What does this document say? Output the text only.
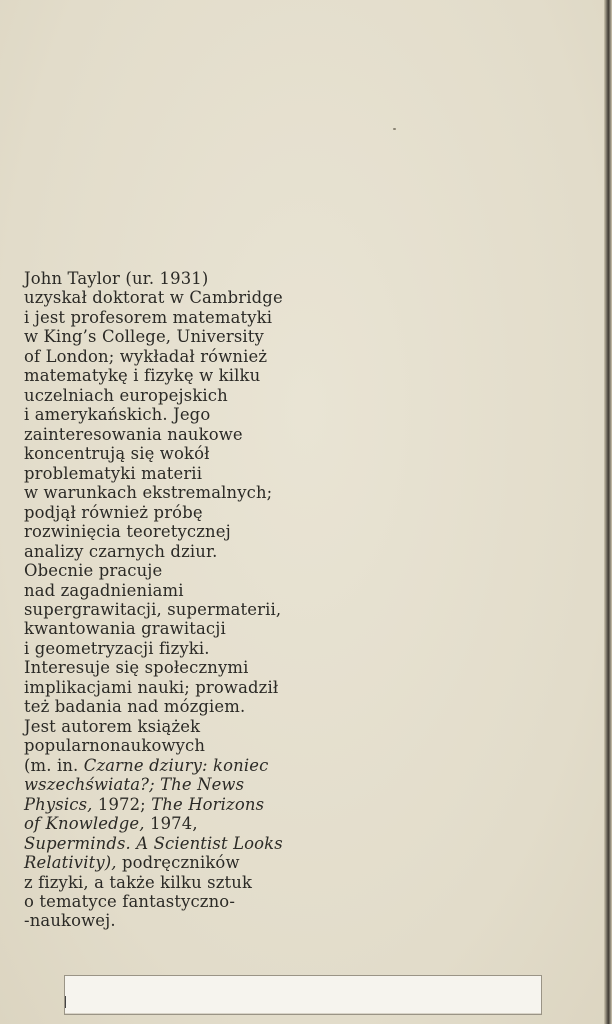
John Taylor (ur. 1931)
uzyskał doktorat w Cambridge
i jest profesorem matematyki
w King’s College, University
of London; wykładał również
matematykę i fizykę w kilku
uczelniach europejskich
i amerykańskich. Jego
zainteresowania naukowe
koncentrują się wokół
problematyki materii
w warunkach ekstremalnych;
podjął również próbę
rozwinięcia teoretycznej
analizy czarnych dziur.
Obecnie pracuje
nad zagadnieniami
supergrawitacji, supermaterii,
kwantowania grawitacji
i geometryzacji fizyki.
Interesuje się społecznymi
implikacjami nauki; prowadził
też badania nad mózgiem.
Jest autorem książek
popularnonaukowych
(m. in. Czarne dziury: koniec
wszechświata?; The News
Physics, 1972; The Horizons
of Knowledge, 1974,
Superminds. A Scientist Looks
Relativity), podręczników
z fizyki, a także kilku sztuk
o tematyce fantastyczno-
-naukowej.
